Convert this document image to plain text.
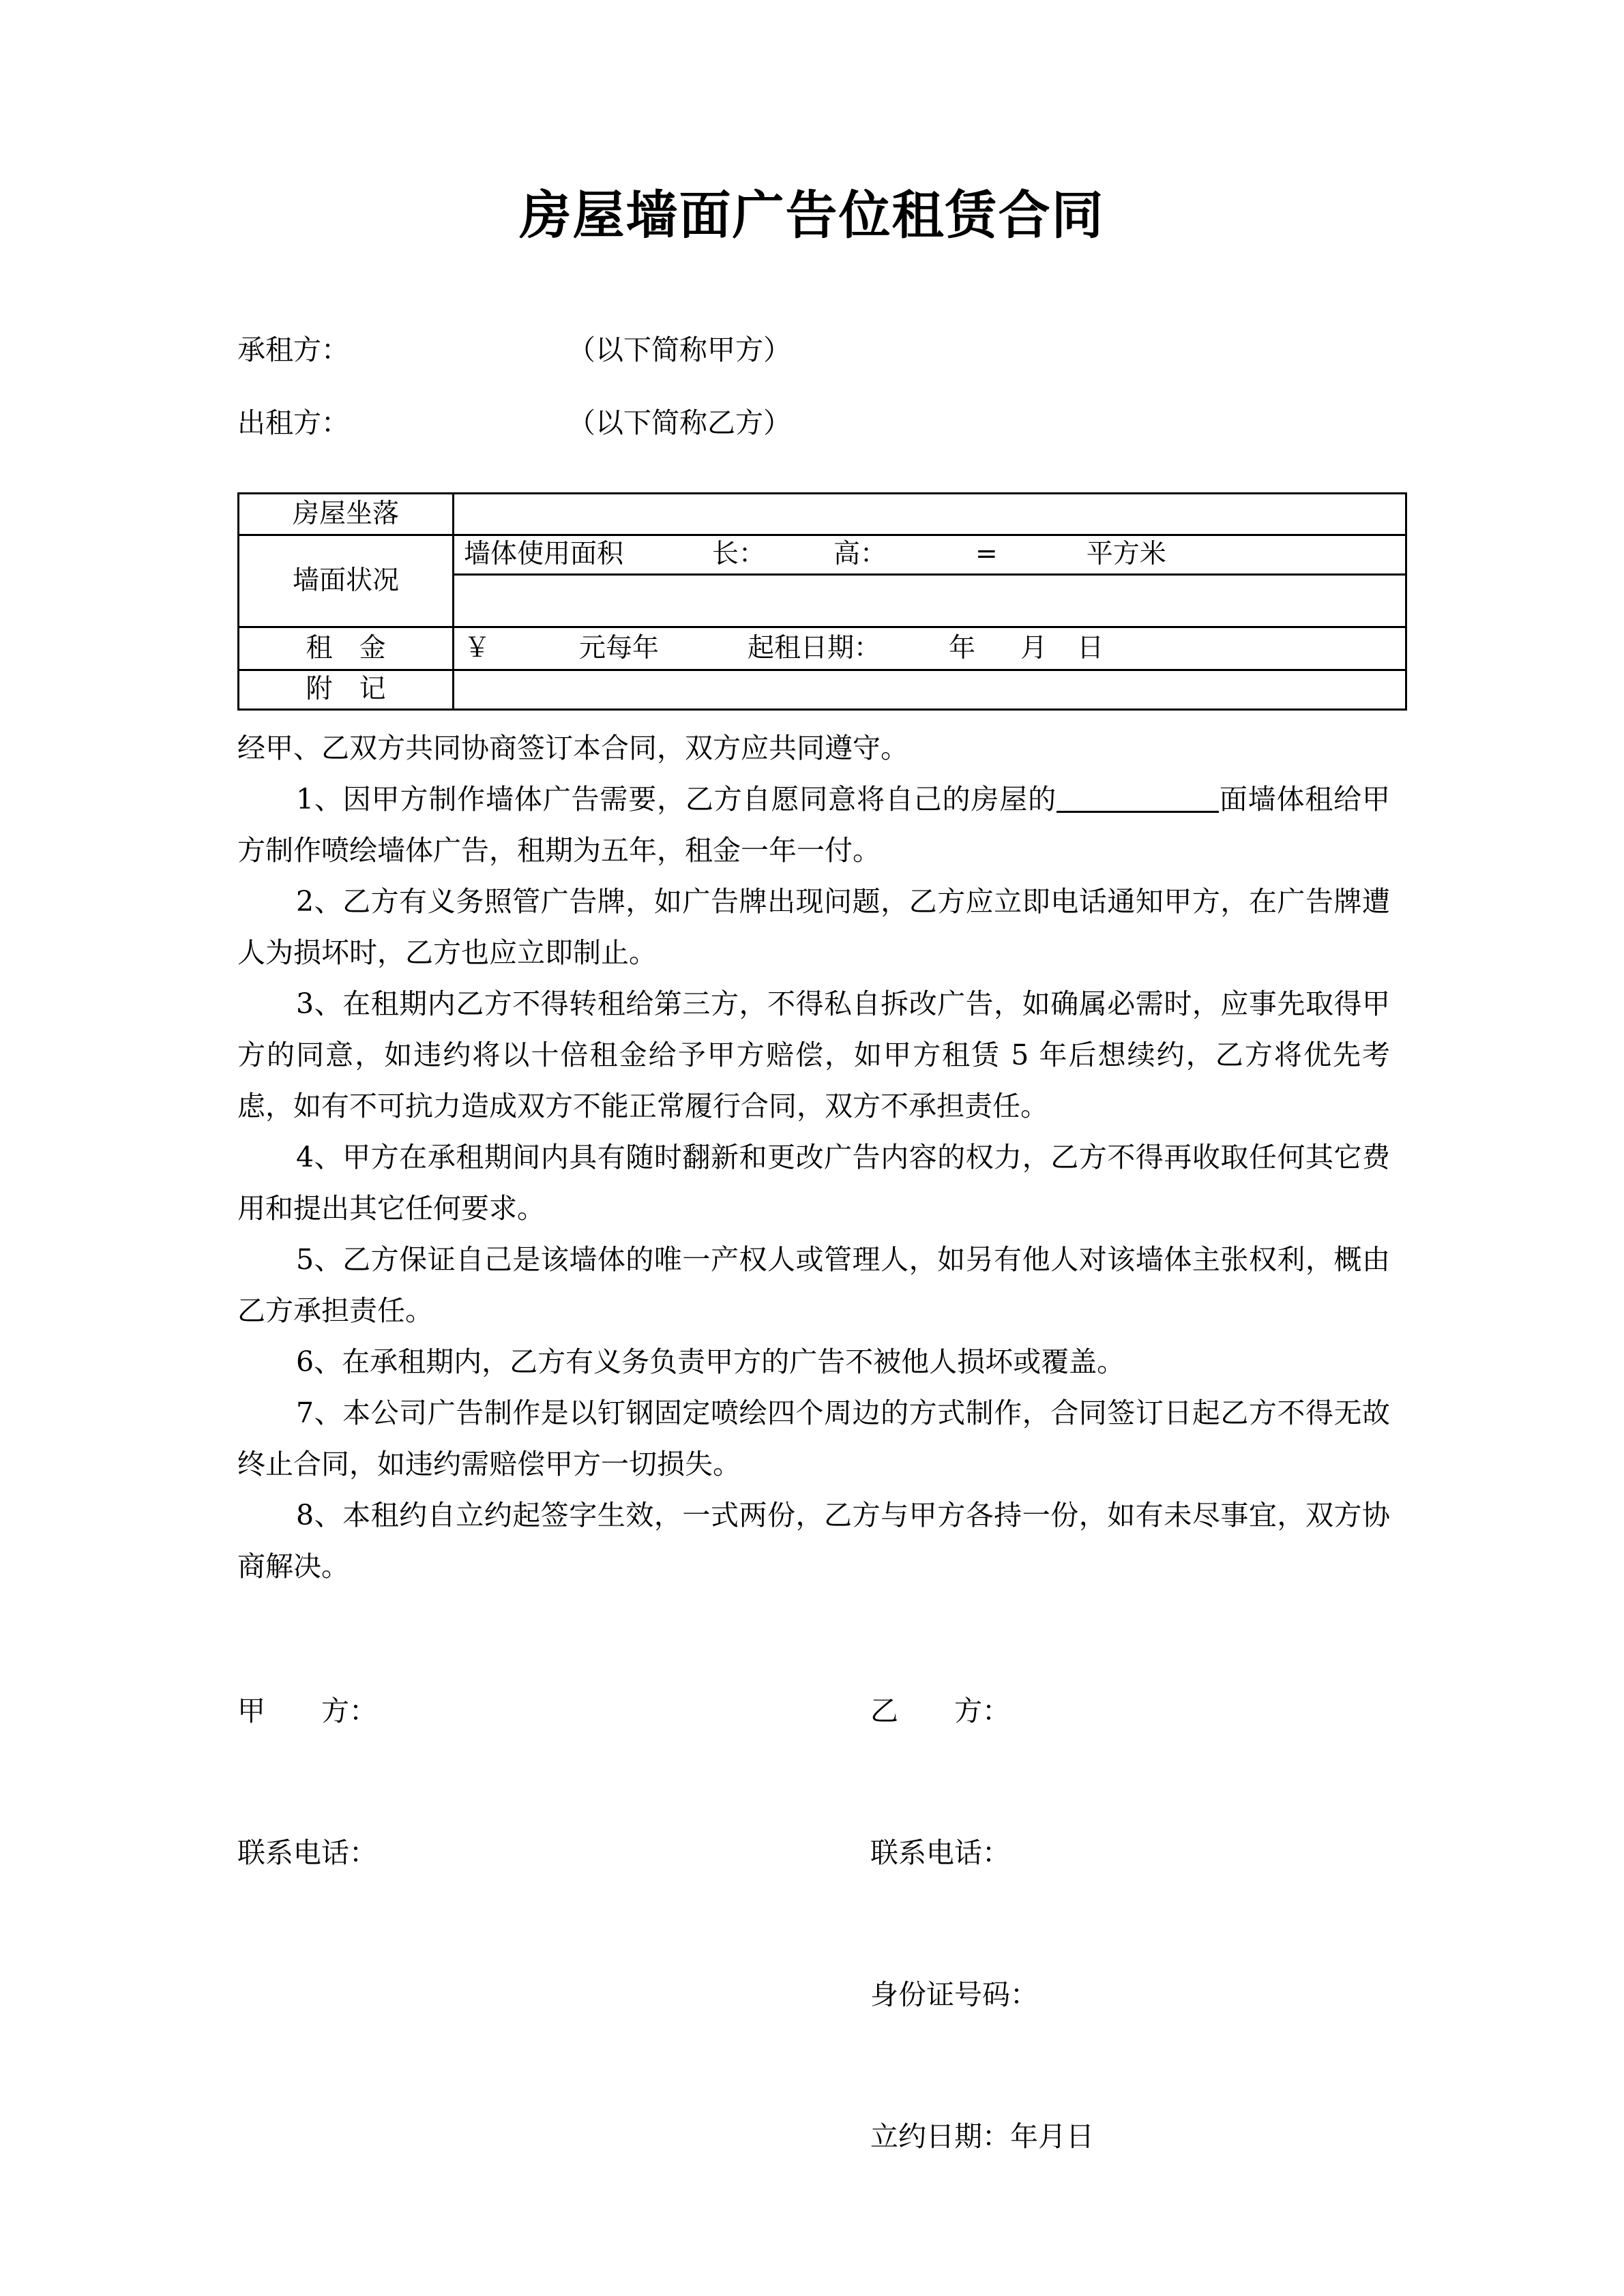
房屋墙面广告位租赁合同
承租方：	（以下简称甲方）
出租方：	（以下简称乙方）
房屋坐落	
墙面状况	墙体使用面积 长： 高： = 平方米

租　金	￥ 元每年 起租日期： 年 月 日
附　记	

经甲、乙双方共同协商签订本合同，双方应共同遵守。

1、因甲方制作墙体广告需要，乙方自愿同意将自己的房屋的	面墙体租给甲方制作喷绘墙体广告，租期为五年，租金一年一付。

2、乙方有义务照管广告牌，如广告牌出现问题，乙方应立即电话通知甲方，在广告牌遭人为损坏时，乙方也应立即制止。

3、在租期内乙方不得转租给第三方，不得私自拆改广告，如确属必需时，应事先取得甲方的同意，如违约将以十倍租金给予甲方赔偿，如甲方租赁 5 年后想续约，乙方将优先考虑，如有不可抗力造成双方不能正常履行合同，双方不承担责任。

4、甲方在承租期间内具有随时翻新和更改广告内容的权力，乙方不得再收取任何其它费用和提出其它任何要求。

5、乙方保证自己是该墙体的唯一产权人或管理人，如另有他人对该墙体主张权利，概由乙方承担责任。

6、在承租期内，乙方有义务负责甲方的广告不被他人损坏或覆盖。

7、本公司广告制作是以钉钢固定喷绘四个周边的方式制作，合同签订日起乙方不得无故终止合同，如违约需赔偿甲方一切损失。

8、本租约自立约起签字生效，一式两份，乙方与甲方各持一份，如有未尽事宜，双方协商解决。

甲 方：	乙 方：
联系电话：	联系电话：
身份证号码：
立约日期：年月日
